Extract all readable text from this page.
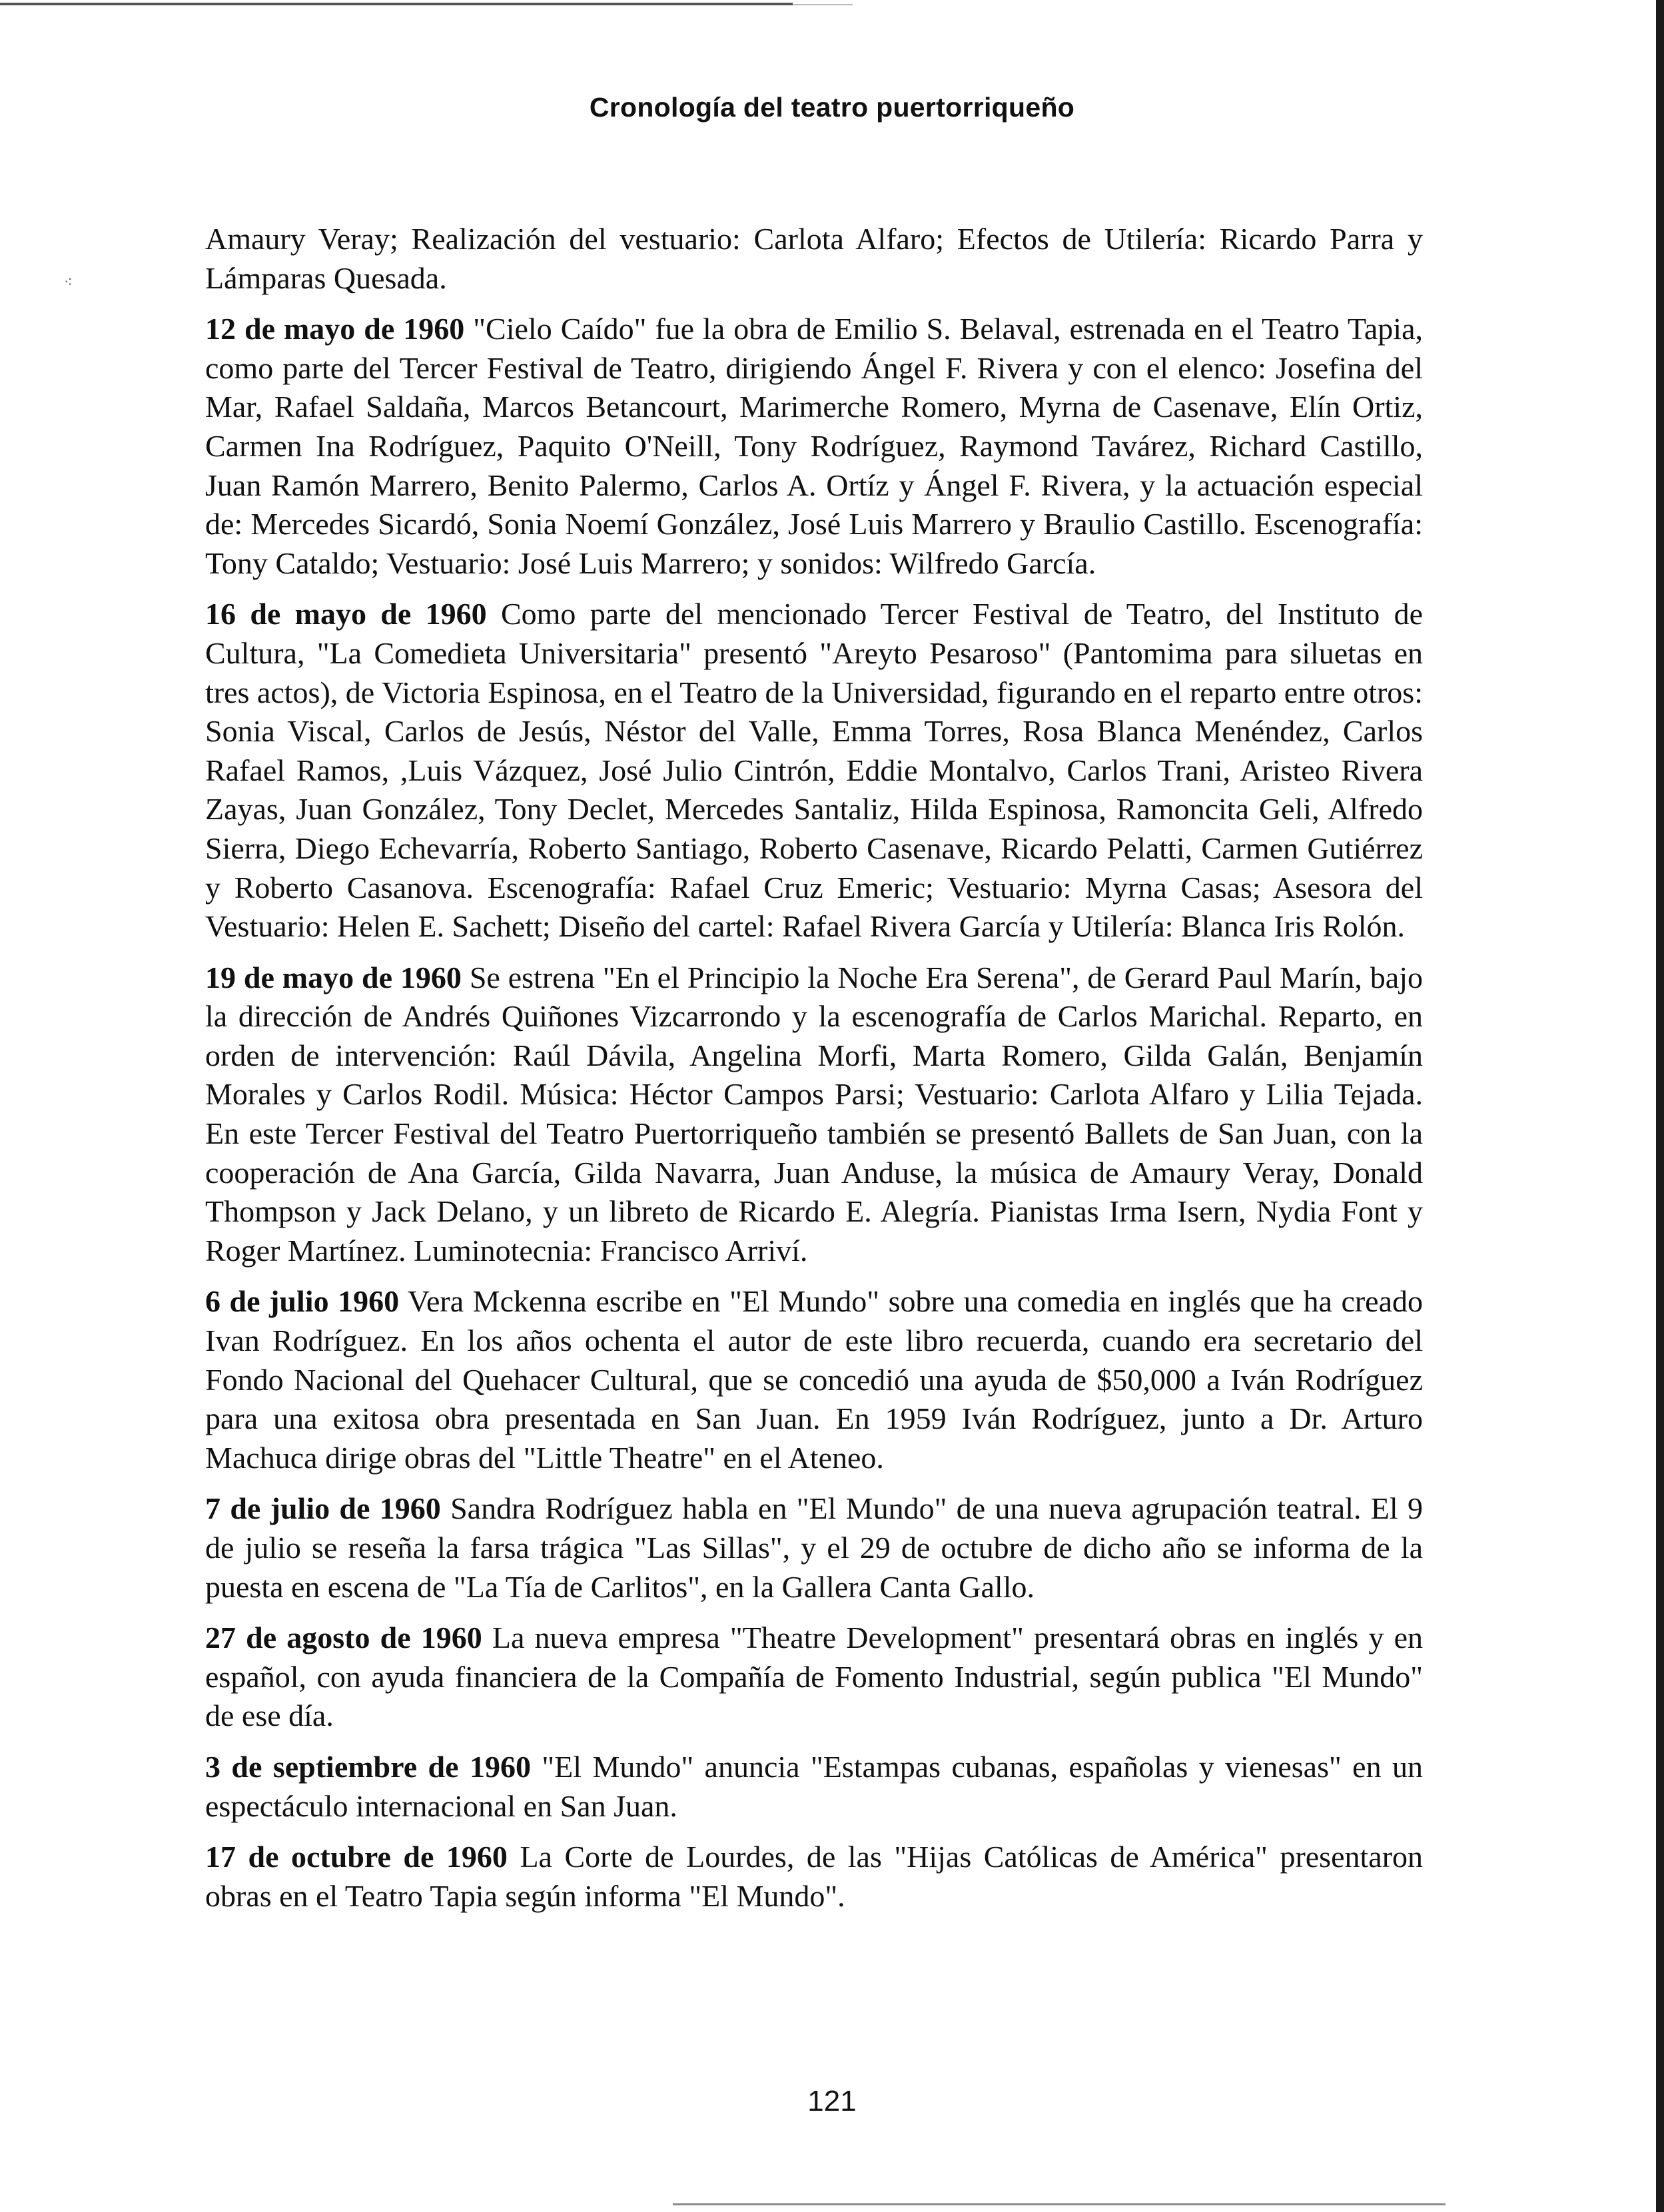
⁖
Cronología del teatro puertorriqueño

Amaury Veray; Realización del vestuario: Carlota Alfaro; Efectos de Utilería: Ricardo Parra y Lámparas Quesada.

12 de mayo de 1960 "Cielo Caído" fue la obra de Emilio S. Belaval, estrenada en el Teatro Tapia, como parte del Tercer Festival de Teatro, dirigiendo Ángel F. Rivera y con el elenco: Josefina del Mar, Rafael Saldaña, Marcos Betancourt, Marimerche Romero, Myrna de Casenave, Elín Ortiz, Carmen Ina Rodríguez, Paquito O'Neill, Tony Rodríguez, Raymond Tavárez, Richard Castillo, Juan Ramón Marrero, Benito Palermo, Carlos A. Ortíz y Ángel F. Rivera, y la actuación especial de: Mercedes Sicardó, Sonia Noemí González, José Luis Marrero y Braulio Castillo. Escenografía: Tony Cataldo; Vestuario: José Luis Marrero; y sonidos: Wilfredo García.

16 de mayo de 1960 Como parte del mencionado Tercer Festival de Teatro, del Instituto de Cultura, "La Comedieta Universitaria" presentó "Areyto Pesaroso" (Pantomima para siluetas en tres actos), de Victoria Espinosa, en el Teatro de la Universidad, figurando en el reparto entre otros: Sonia Viscal, Carlos de Jesús, Néstor del Valle, Emma Torres, Rosa Blanca Menéndez, Carlos Rafael Ramos, ,Luis Vázquez, José Julio Cintrón, Eddie Montalvo, Carlos Trani, Aristeo Rivera Zayas, Juan González, Tony Declet, Mercedes Santaliz, Hilda Espinosa, Ramoncita Geli, Alfredo Sierra, Diego Echevarría, Roberto Santiago, Roberto Casenave, Ricardo Pelatti, Carmen Gutiérrez y Roberto Casanova. Escenografía: Rafael Cruz Emeric; Vestuario: Myrna Casas; Asesora del Vestuario: Helen E. Sachett; Diseño del cartel: Rafael Rivera García y Utilería: Blanca Iris Rolón.

19 de mayo de 1960 Se estrena "En el Principio la Noche Era Serena", de Gerard Paul Marín, bajo la dirección de Andrés Quiñones Vizcarrondo y la escenografía de Carlos Marichal. Reparto, en orden de intervención: Raúl Dávila, Angelina Morfi, Marta Romero, Gilda Galán, Benjamín Morales y Carlos Rodil. Música: Héctor Campos Parsi; Vestuario: Carlota Alfaro y Lilia Tejada. En este Tercer Festival del Teatro Puertorriqueño también se presentó Ballets de San Juan, con la cooperación de Ana García, Gilda Navarra, Juan Anduse, la música de Amaury Veray, Donald Thompson y Jack Delano, y un libreto de Ricardo E. Alegría. Pianistas Irma Isern, Nydia Font y Roger Martínez. Luminotecnia: Francisco Arriví.

6 de julio 1960 Vera Mckenna escribe en "El Mundo" sobre una comedia en inglés que ha creado Ivan Rodríguez. En los años ochenta el autor de este libro recuerda, cuando era secretario del Fondo Nacional del Quehacer Cultural, que se concedió una ayuda de $50,000 a Iván Rodríguez para una exitosa obra presentada en San Juan. En 1959 Iván Rodríguez, junto a Dr. Arturo Machuca dirige obras del "Little Theatre" en el Ateneo.

7 de julio de 1960 Sandra Rodríguez habla en "El Mundo" de una nueva agrupación teatral. El 9 de julio se reseña la farsa trágica "Las Sillas", y el 29 de octubre de dicho año se informa de la puesta en escena de "La Tía de Carlitos", en la Gallera Canta Gallo.

27 de agosto de 1960 La nueva empresa "Theatre Development" presentará obras en inglés y en español, con ayuda financiera de la Compañía de Fomento Industrial, según publica "El Mundo" de ese día.

3 de septiembre de 1960 "El Mundo" anuncia "Estampas cubanas, españolas y vienesas" en un espectáculo internacional en San Juan.

17 de octubre de 1960 La Corte de Lourdes, de las "Hijas Católicas de América" presentaron obras en el Teatro Tapia según informa "El Mundo".

121
